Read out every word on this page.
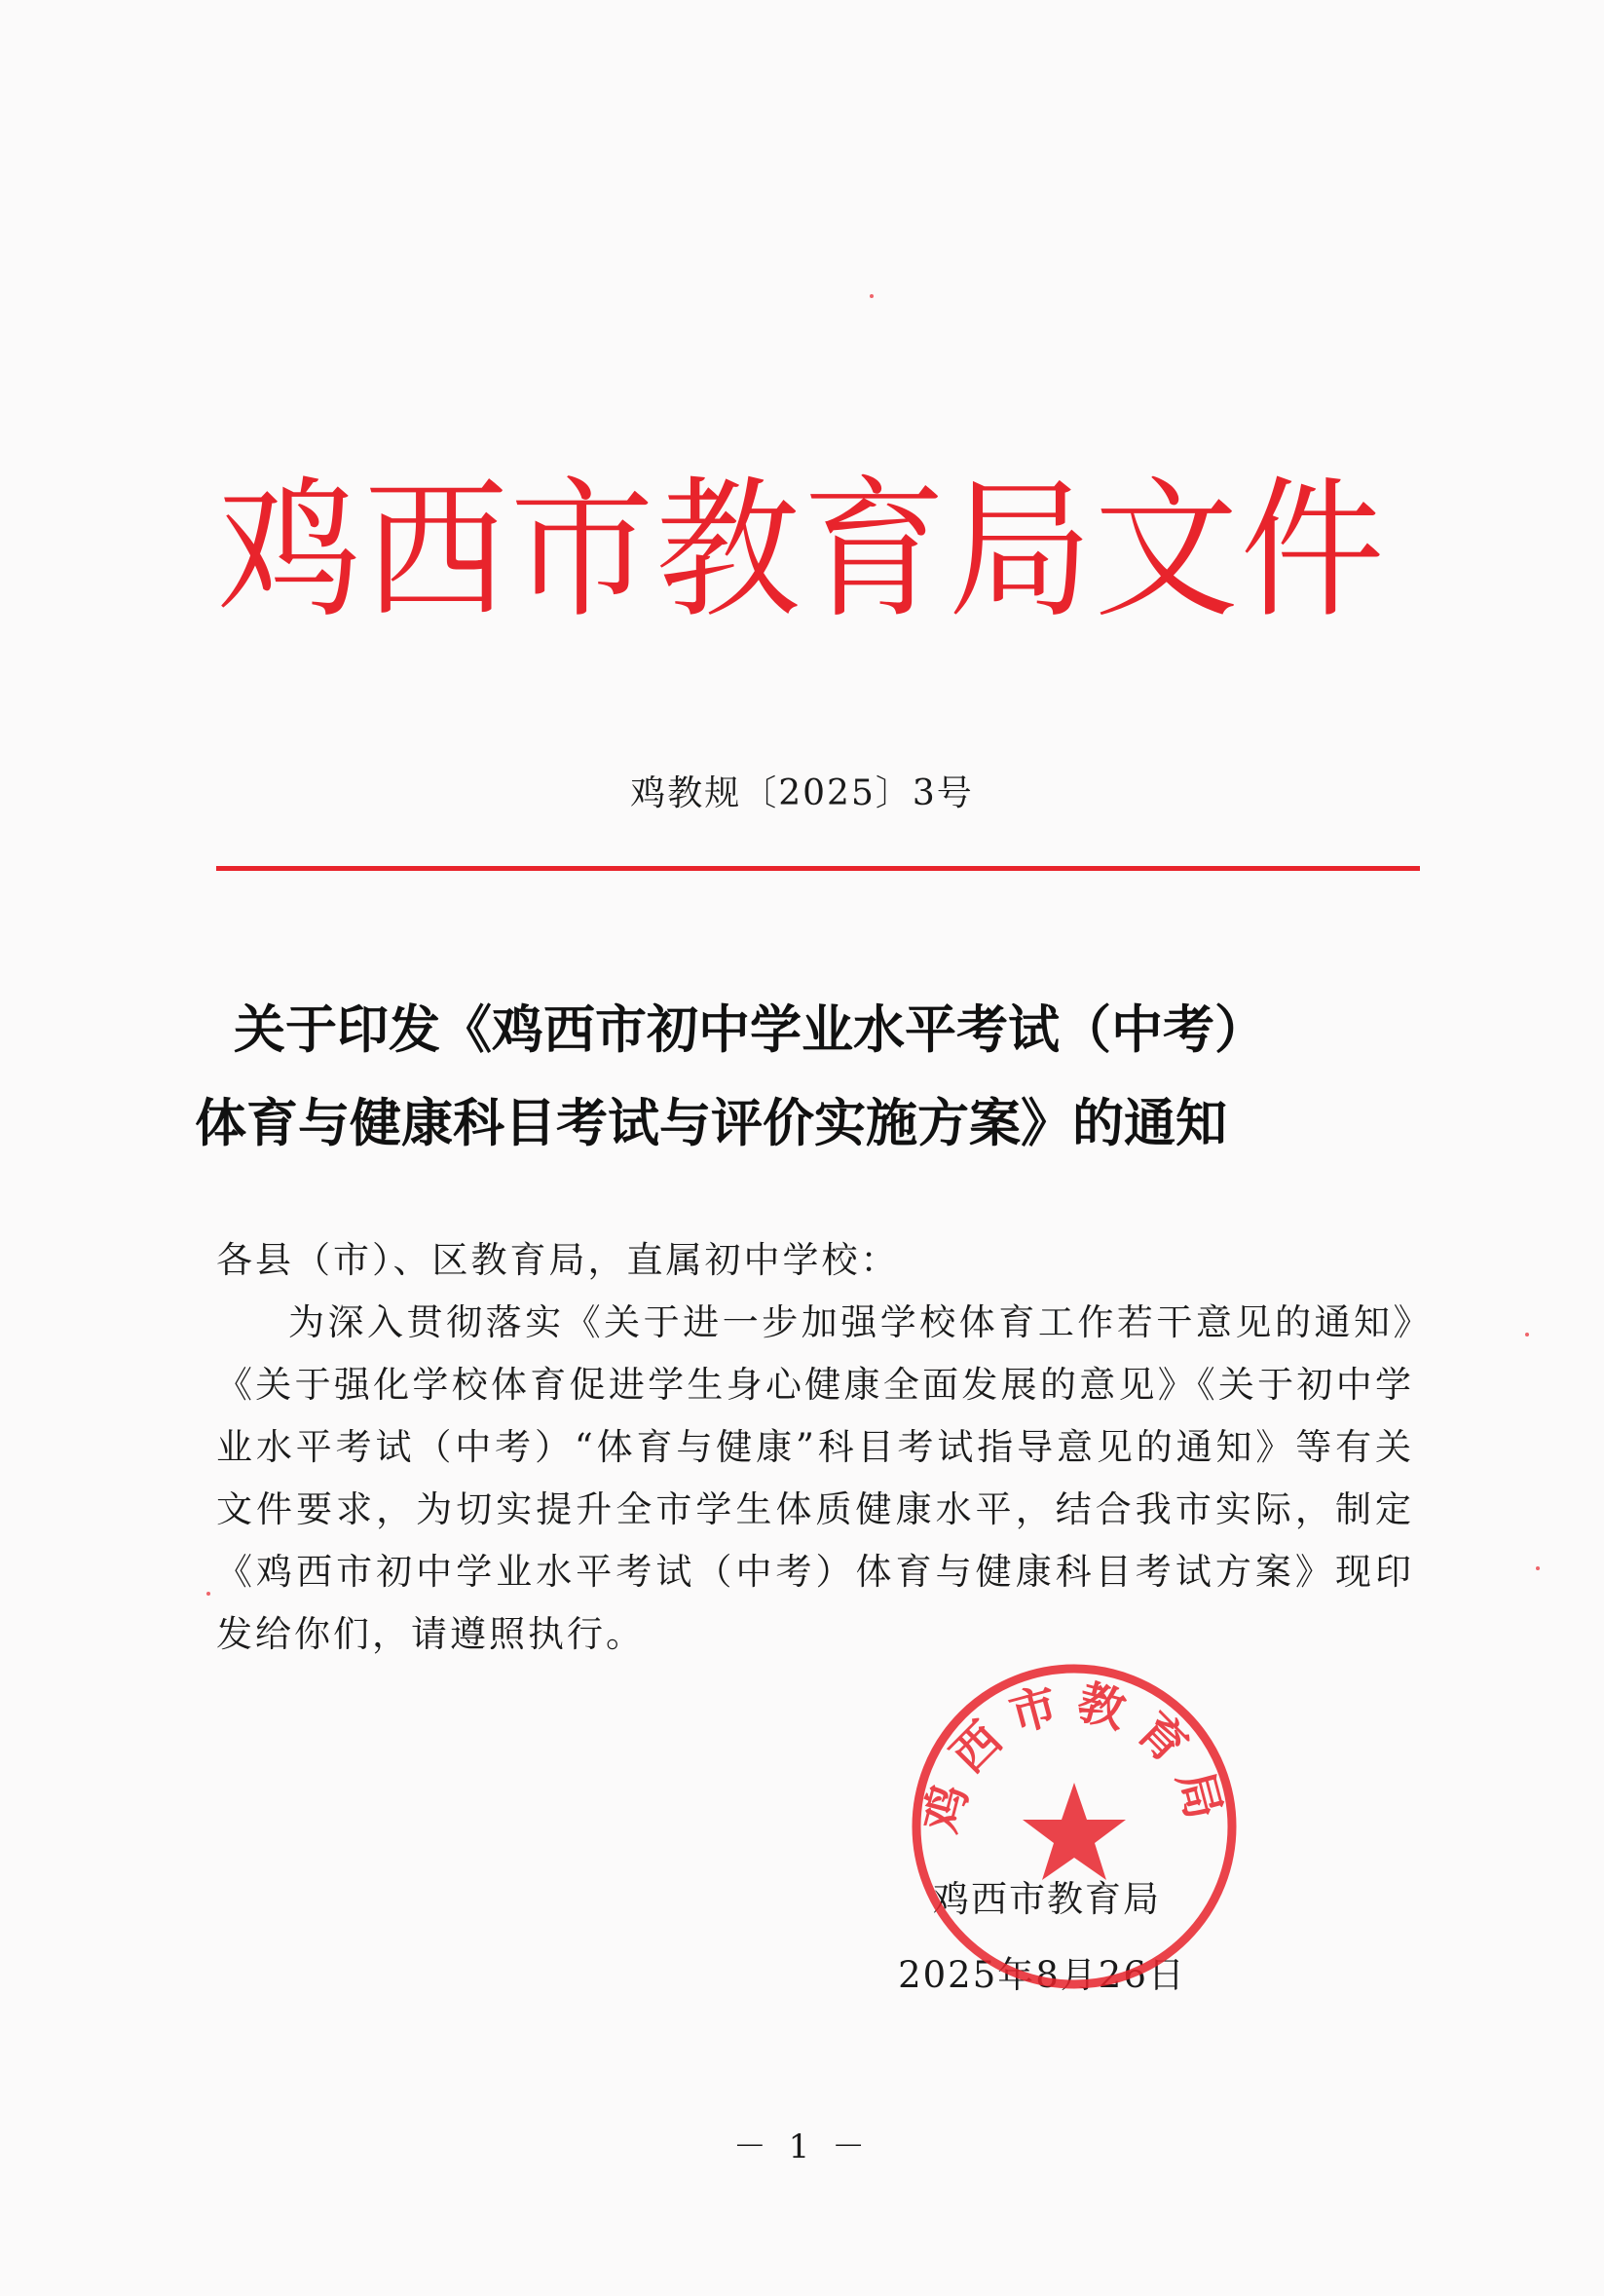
鸡西市教育局文件
鸡教规〔2025〕3号
关于印发《鸡西市初中学业水平考试（中考）
体育与健康科目考试与评价实施方案》的通知

各县（市）、区教育局，直属初中学校：

为深入贯彻落实《关于进一步加强学校体育工作若干意见的通知》《关于强化学校体育促进学生身心健康全面发展的意见》《关于初中学业水平考试（中考）“体育与健康”科目考试指导意见的通知》等有关文件要求，为切实提升全市学生体质健康水平，结合我市实际，制定《鸡西市初中学业水平考试（中考）体育与健康科目考试方案》现印发给你们，请遵照执行。

鸡西市教育局
2025年8月26日
鸡西市教育局
－ 1 －
